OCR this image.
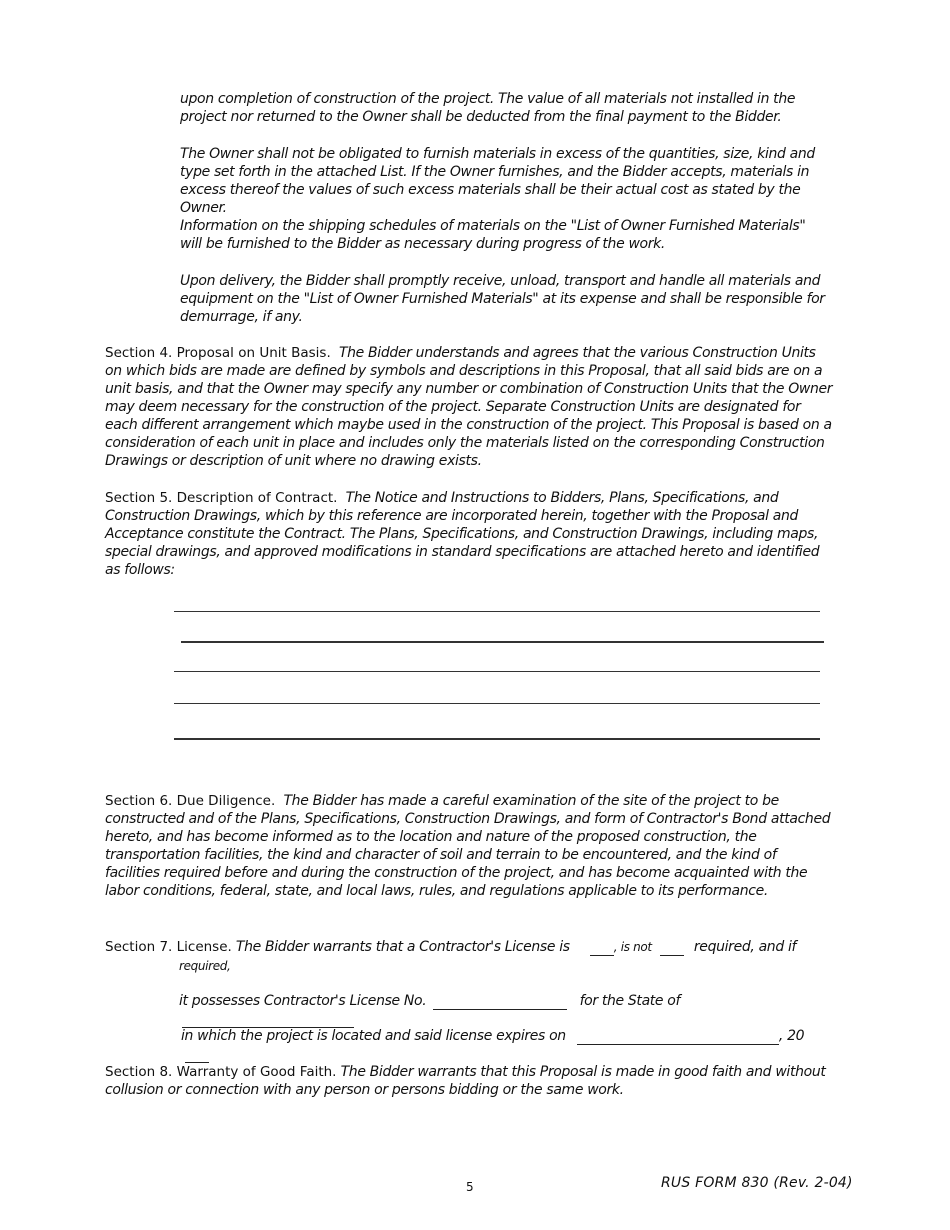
upon completion of construction of the project. The value of all materials not installed in the project nor returned to the Owner shall be deducted from the final payment to the Bidder.
The Owner shall not be obligated to furnish materials in excess of the quantities, size, kind and type set forth in the attached List. If the Owner furnishes, and the Bidder accepts, materials in excess thereof the values of such excess materials shall be their actual cost as stated by the Owner.
Information on the shipping schedules of materials on the "List of Owner Furnished Materials" will be furnished to the Bidder as necessary during progress of the work.
Upon delivery, the Bidder shall promptly receive, unload, transport and handle all materials and equipment on the "List of Owner Furnished Materials" at its expense and shall be responsible for demurrage, if any.
Section 4. Proposal on Unit Basis. The Bidder understands and agrees that the various Construction Units on which bids are made are defined by symbols and descriptions in this Proposal, that all said bids are on a unit basis, and that the Owner may specify any number or combination of Construction Units that the Owner may deem necessary for the construction of the project. Separate Construction Units are designated for each different arrangement which maybe used in the construction of the project. This Proposal is based on a consideration of each unit in place and includes only the materials listed on the corresponding Construction Drawings or description of unit where no drawing exists.
Section 5. Description of Contract. The Notice and Instructions to Bidders, Plans, Specifications, and Construction Drawings, which by this reference are incorporated herein, together with the Proposal and Acceptance constitute the Contract. The Plans, Specifications, and Construction Drawings, including maps, special drawings, and approved modifications in standard specifications are attached hereto and identified as follows:
Section 6. Due Diligence. The Bidder has made a careful examination of the site of the project to be constructed and of the Plans, Specifications, Construction Drawings, and form of Contractor's Bond attached hereto, and has become informed as to the location and nature of the proposed construction, the transportation facilities, the kind and character of soil and terrain to be encountered, and the kind of facilities required before and during the construction of the project, and has become acquainted with the labor conditions, federal, state, and local laws, rules, and regulations applicable to its performance.
Section 7. License. The Bidder warrants that a Contractor's License is	, is not	required, and if
required,
it possesses Contractor's License No.	for the State of
in which the project is located and said license expires on	, 20
Section 8. Warranty of Good Faith. The Bidder warrants that this Proposal is made in good faith and without collusion or connection with any person or persons bidding or the same work.
5	RUS FORM 830 (Rev. 2-04)
